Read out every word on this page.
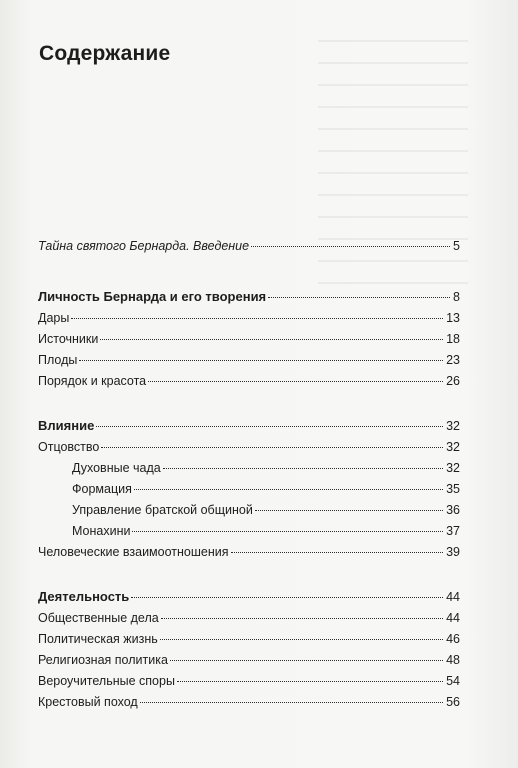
Содержание
Тайна святого Бернарда. Введение	5
Личность Бернарда и его творения	8
Дары	13
Источники	18
Плоды	23
Порядок и красота	26
Влияние	32
Отцовство	32
Духовные чада	32
Формация	35
Управление братской общиной	36
Монахини	37
Человеческие взаимоотношения	39
Деятельность	44
Общественные дела	44
Политическая жизнь	46
Религиозная политика	48
Вероучительные споры	54
Крестовый поход	56
